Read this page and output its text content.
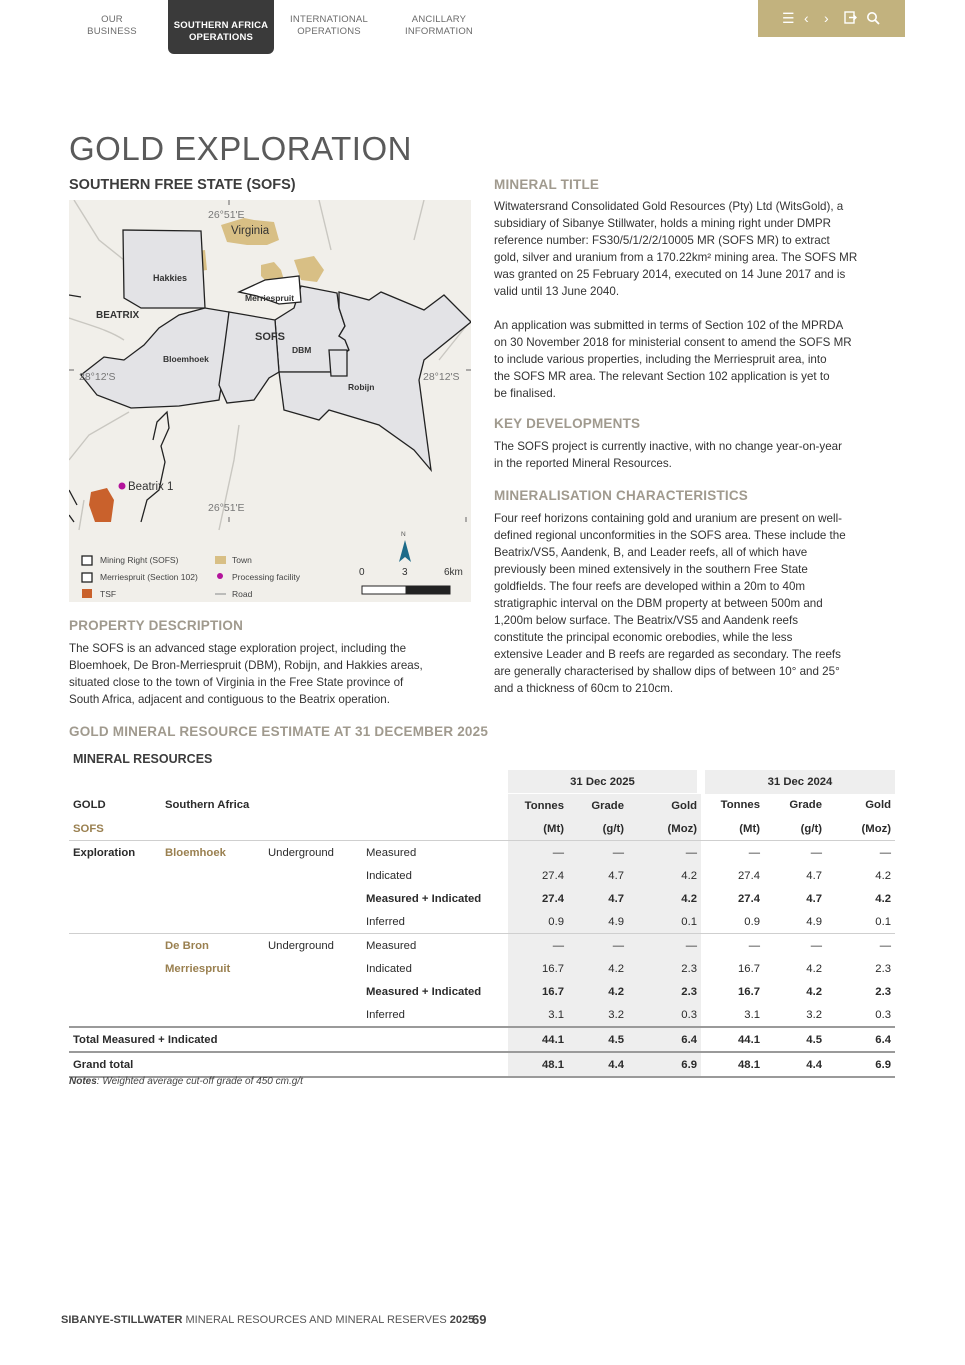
OUR
BUSINESS
SOUTHERN AFRICA
OPERATIONS
INTERNATIONAL
OPERATIONS
ANCILLARY
INFORMATION
☰ ‹ ›
GOLD EXPLORATION
SOUTHERN FREE STATE (SOFS)
26°51'E
26°51'E
28°12'S	28°12'S
Virginia
Hakkies
Merriespruit
BEATRIX
SOFS
DBM
Bloemhoek
Robijn
Beatrix 1
N
0	3	6km
Mining Right (SOFS)
Merriespruit (Section 102)
TSF
Town
Processing facility
Road
PROPERTY DESCRIPTION
The SOFS is an advanced stage exploration project, including the
Bloemhoek, De Bron-Merriespruit (DBM), Robijn, and Hakkies areas,
situated close to the town of Virginia in the Free State province of
South Africa, adjacent and contiguous to the Beatrix operation.
MINERAL TITLE
Witwatersrand Consolidated Gold Resources (Pty) Ltd (WitsGold), a
subsidiary of Sibanye Stillwater, holds a mining right under DMPR
reference number: FS30/5/1/2/2/10005 MR (SOFS MR) to extract
gold, silver and uranium from a 170.22km² mining area. The SOFS MR
was granted on 25 February 2014, executed on 14 June 2017 and is
valid until 13 June 2040.
An application was submitted in terms of Section 102 of the MPRDA
on 30 November 2018 for ministerial consent to amend the SOFS MR
to include various properties, including the Merriespruit area, into
the SOFS MR area. The relevant Section 102 application is yet to
be finalised.
KEY DEVELOPMENTS
The SOFS project is currently inactive, with no change year-on-year
in the reported Mineral Resources.
MINERALISATION CHARACTERISTICS
Four reef horizons containing gold and uranium are present on well-
defined regional unconformities in the SOFS area. These include the
Beatrix/VS5, Aandenk, B, and Leader reefs, all of which have
previously been mined extensively in the southern Free State
goldfields. The four reefs are developed within a 20m to 40m
stratigraphic interval on the DBM property at between 500m and
1,200m below surface. The Beatrix/VS5 and Aandenk reefs
constitute the principal economic orebodies, while the less
extensive Leader and B reefs are regarded as secondary. The reefs
are generally characterised by shallow dips of between 10° and 25°
and a thickness of 60cm to 210cm.
GOLD MINERAL RESOURCE ESTIMATE AT 31 DECEMBER 2025
MINERAL RESOURCES
				31 Dec 2025			31 Dec 2024		
GOLD	Southern Africa			Tonnes	Grade	Gold	Tonnes	Grade	Gold
SOFS				(Mt)	(g/t)	(Moz)	(Mt)	(g/t)	(Moz)
Exploration	Bloemhoek	Underground	Measured	—	—	—	—	—	—
			Indicated	27.4	4.7	4.2	27.4	4.7	4.2
			Measured + Indicated	27.4	4.7	4.2	27.4	4.7	4.2
			Inferred	0.9	4.9	0.1	0.9	4.9	0.1
	De Bron	Underground	Measured	—	—	—	—	—	—
	Merriespruit		Indicated	16.7	4.2	2.3	16.7	4.2	2.3
			Measured + Indicated	16.7	4.2	2.3	16.7	4.2	2.3
			Inferred	3.1	3.2	0.3	3.1	3.2	0.3
Total Measured + Indicated				44.1	4.5	6.4	44.1	4.5	6.4
Grand total				48.1	4.4	6.9	48.1	4.4	6.9
Notes: Weighted average cut-off grade of 450 cm.g/t
SIBANYE-STILLWATER MINERAL RESOURCES AND MINERAL RESERVES 2025
69
